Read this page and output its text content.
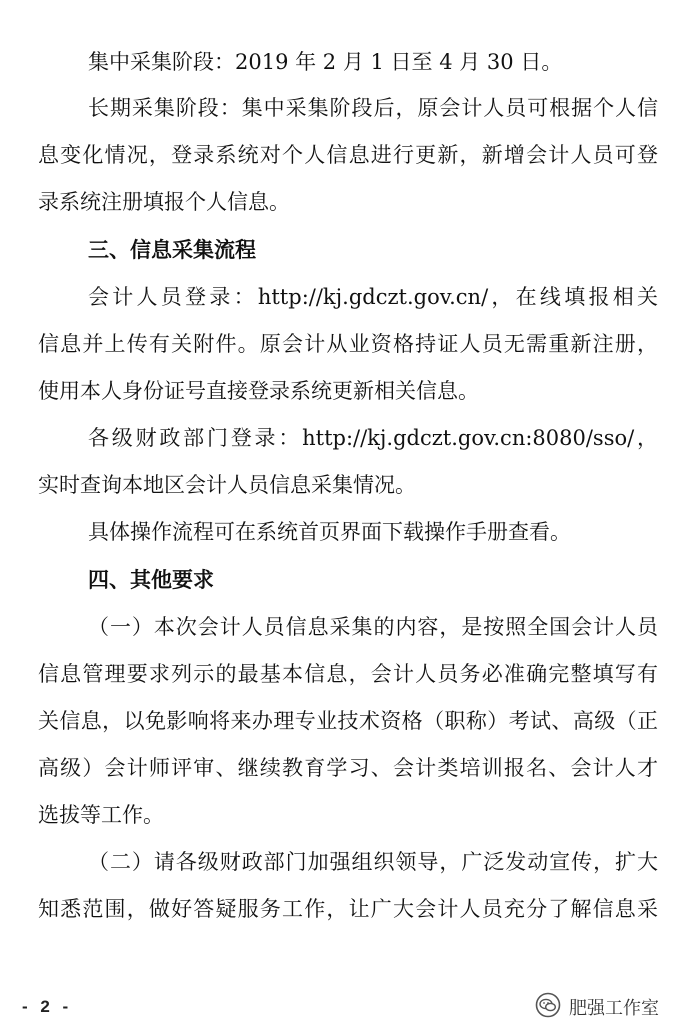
集中采集阶段：2019 年 2 月 1 日至 4 月 30 日。
长期采集阶段：集中采集阶段后，原会计人员可根据个人信
息变化情况，登录系统对个人信息进行更新，新增会计人员可登
录系统注册填报个人信息。
三、信息采集流程
会计人员登录：http://kj.gdczt.gov.cn/，在线填报相关
信息并上传有关附件。原会计从业资格持证人员无需重新注册，
使用本人身份证号直接登录系统更新相关信息。
各级财政部门登录：http://kj.gdczt.gov.cn:8080/sso/，
实时查询本地区会计人员信息采集情况。
具体操作流程可在系统首页界面下载操作手册查看。
四、其他要求
（一）本次会计人员信息采集的内容，是按照全国会计人员
信息管理要求列示的最基本信息，会计人员务必准确完整填写有
关信息，以免影响将来办理专业技术资格（职称）考试、高级（正
高级）会计师评审、继续教育学习、会计类培训报名、会计人才
选拔等工作。
（二）请各级财政部门加强组织领导，广泛发动宣传，扩大
知悉范围，做好答疑服务工作，让广大会计人员充分了解信息采
- 2 -	肥强工作室
